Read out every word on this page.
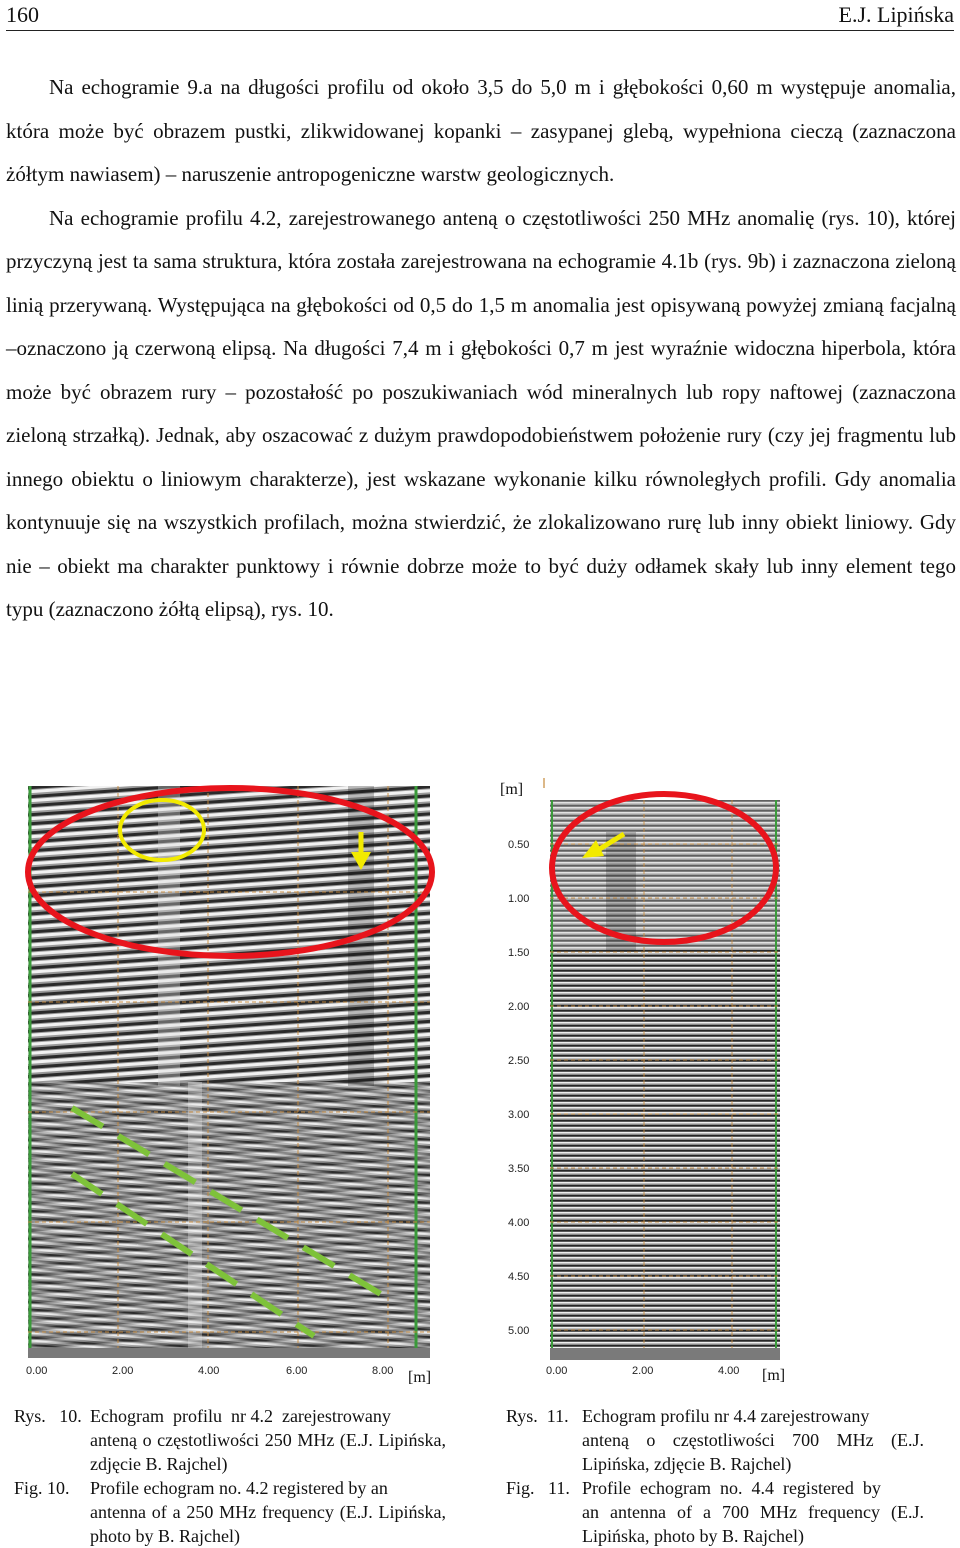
160	E.J. Lipińska

Na echogramie 9.a na długości profilu od około 3,5 do 5,0 m i głębokości 0,60 m występuje anomalia, która może być obrazem pustki, zlikwidowanej kopanki – zasypanej glebą, wypełniona cieczą (zaznaczona żółtym nawiasem) – naruszenie antropogeniczne warstw geologicznych.

Na echogramie profilu 4.2, zarejestrowanego anteną o częstotliwości 250 MHz anomalię (rys. 10), której przyczyną jest ta sama struktura, która została zarejestrowana na echogramie 4.1b (rys. 9b) i zaznaczona zieloną linią przerywaną. Występująca na głębokości od 0,5 do 1,5 m anomalia jest opisywaną powyżej zmianą facjalną –oznaczono ją czerwoną elipsą. Na długości 7,4 m i głębokości 0,7 m jest wyraźnie widoczna hiperbola, która może być obrazem rury – pozostałość po poszukiwaniach wód mineralnych lub ropy naftowej (zaznaczona zieloną strzałką). Jednak, aby oszacować z dużym prawdopodobieństwem położenie rury (czy jej fragmentu lub innego obiektu o liniowym charakterze), jest wskazane wykonanie kilku równoległych profili. Gdy anomalia kontynuuje się na wszystkich profilach, można stwierdzić, że zlokalizowano rurę lub inny obiekt liniowy. Gdy nie – obiekt ma charakter punktowy i równie dobrze może to być duży odłamek skały lub inny element tego typu (zaznaczono żółtą elipsą), rys. 10.

0.00	2.00	4.00	6.00	8.00 [m]
[m]
0.50
1.00
1.50
2.00
2.50
3.00
3.50
4.00
4.50
5.00
0.00	2.00	4.00 [m]
Rys.   10. Echogram  profilu  nr 4.2  zarejestrowany
anteną o częstotliwości 250 MHz (E.J. Lipińska, zdjęcie B. Rajchel)
Fig. 10.	Profile echogram no. 4.2 registered by an
antenna of a 250 MHz frequency (E.J. Lipińska, photo by B. Rajchel)
Rys.  11. Echogram profilu nr 4.4 zarejestrowany
anteną o częstotliwości 700 MHz (E.J. Lipińska, zdjęcie B. Rajchel)
Fig.   11. Profile  echogram  no.  4.4  registered  by
an antenna of a 700 MHz frequency (E.J. Lipińska, photo by B. Rajchel)
